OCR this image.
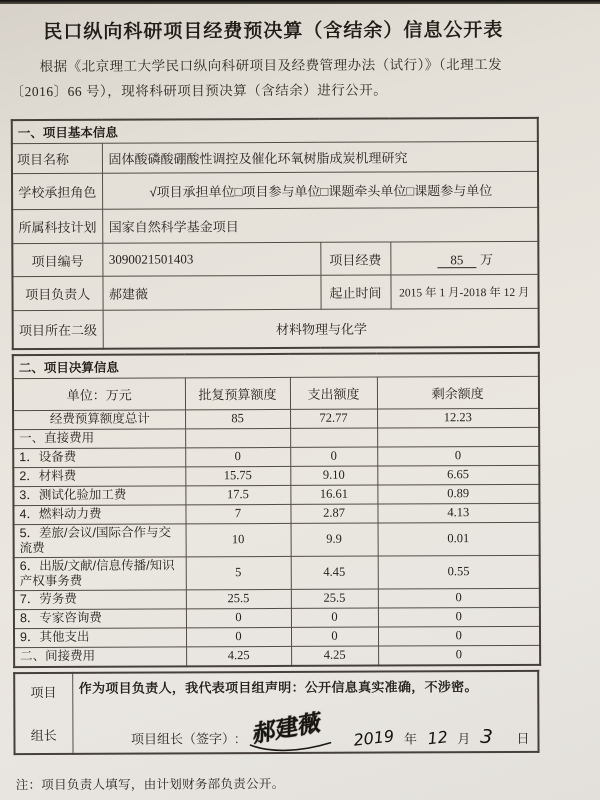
民口纵向科研项目经费预决算（含结余）信息公开表

根据《北京理工大学民口纵向科研项目及经费管理办法（试行）》（北理工发〔2016〕66 号），现将科研项目预决算（含结余）进行公开。

一、项目基本信息			
项目名称	固体酸磷酸硼酸性调控及催化环氧树脂成炭机理研究		
学校承担角色	√项目承担单位□项目参与单位□课题牵头单位□课题参与单位		
所属科技计划	国家自然科学基金项目		
项目编号	3090021501403	项目经费	85 万
项目负责人	郝建薇	起止时间	2015 年 1 月-2018 年 12 月
项目所在二级	材料物理与化学		
二、项目决算信息			
单位：万元	批复预算额度	支出额度	剩余额度
经费预算额度总计	85	72.77	12.23
一、直接费用			
1．设备费	0	0	0
2．材料费	15.75	9.10	6.65
3．测试化验加工费	17.5	16.61	0.89
4．燃料动力费	7	2.87	4.13
5．差旅/会议/国际合作与交流费	10	9.9	0.01
6．出版/文献/信息传播/知识产权事务费	5	4.45	0.55
7．劳务费	25.5	25.5	0
8．专家咨询费	0	0	0
9．其他支出	0	0	0
二、间接费用	4.25	4.25	0
项目
组长

作为项目负责人，我代表项目组声明：公开信息真实准确，不涉密。
项目组长（签字）: 郝建薇 2019 年 12 月 3 日
注：项目负责人填写，由计划财务部负责公开。
